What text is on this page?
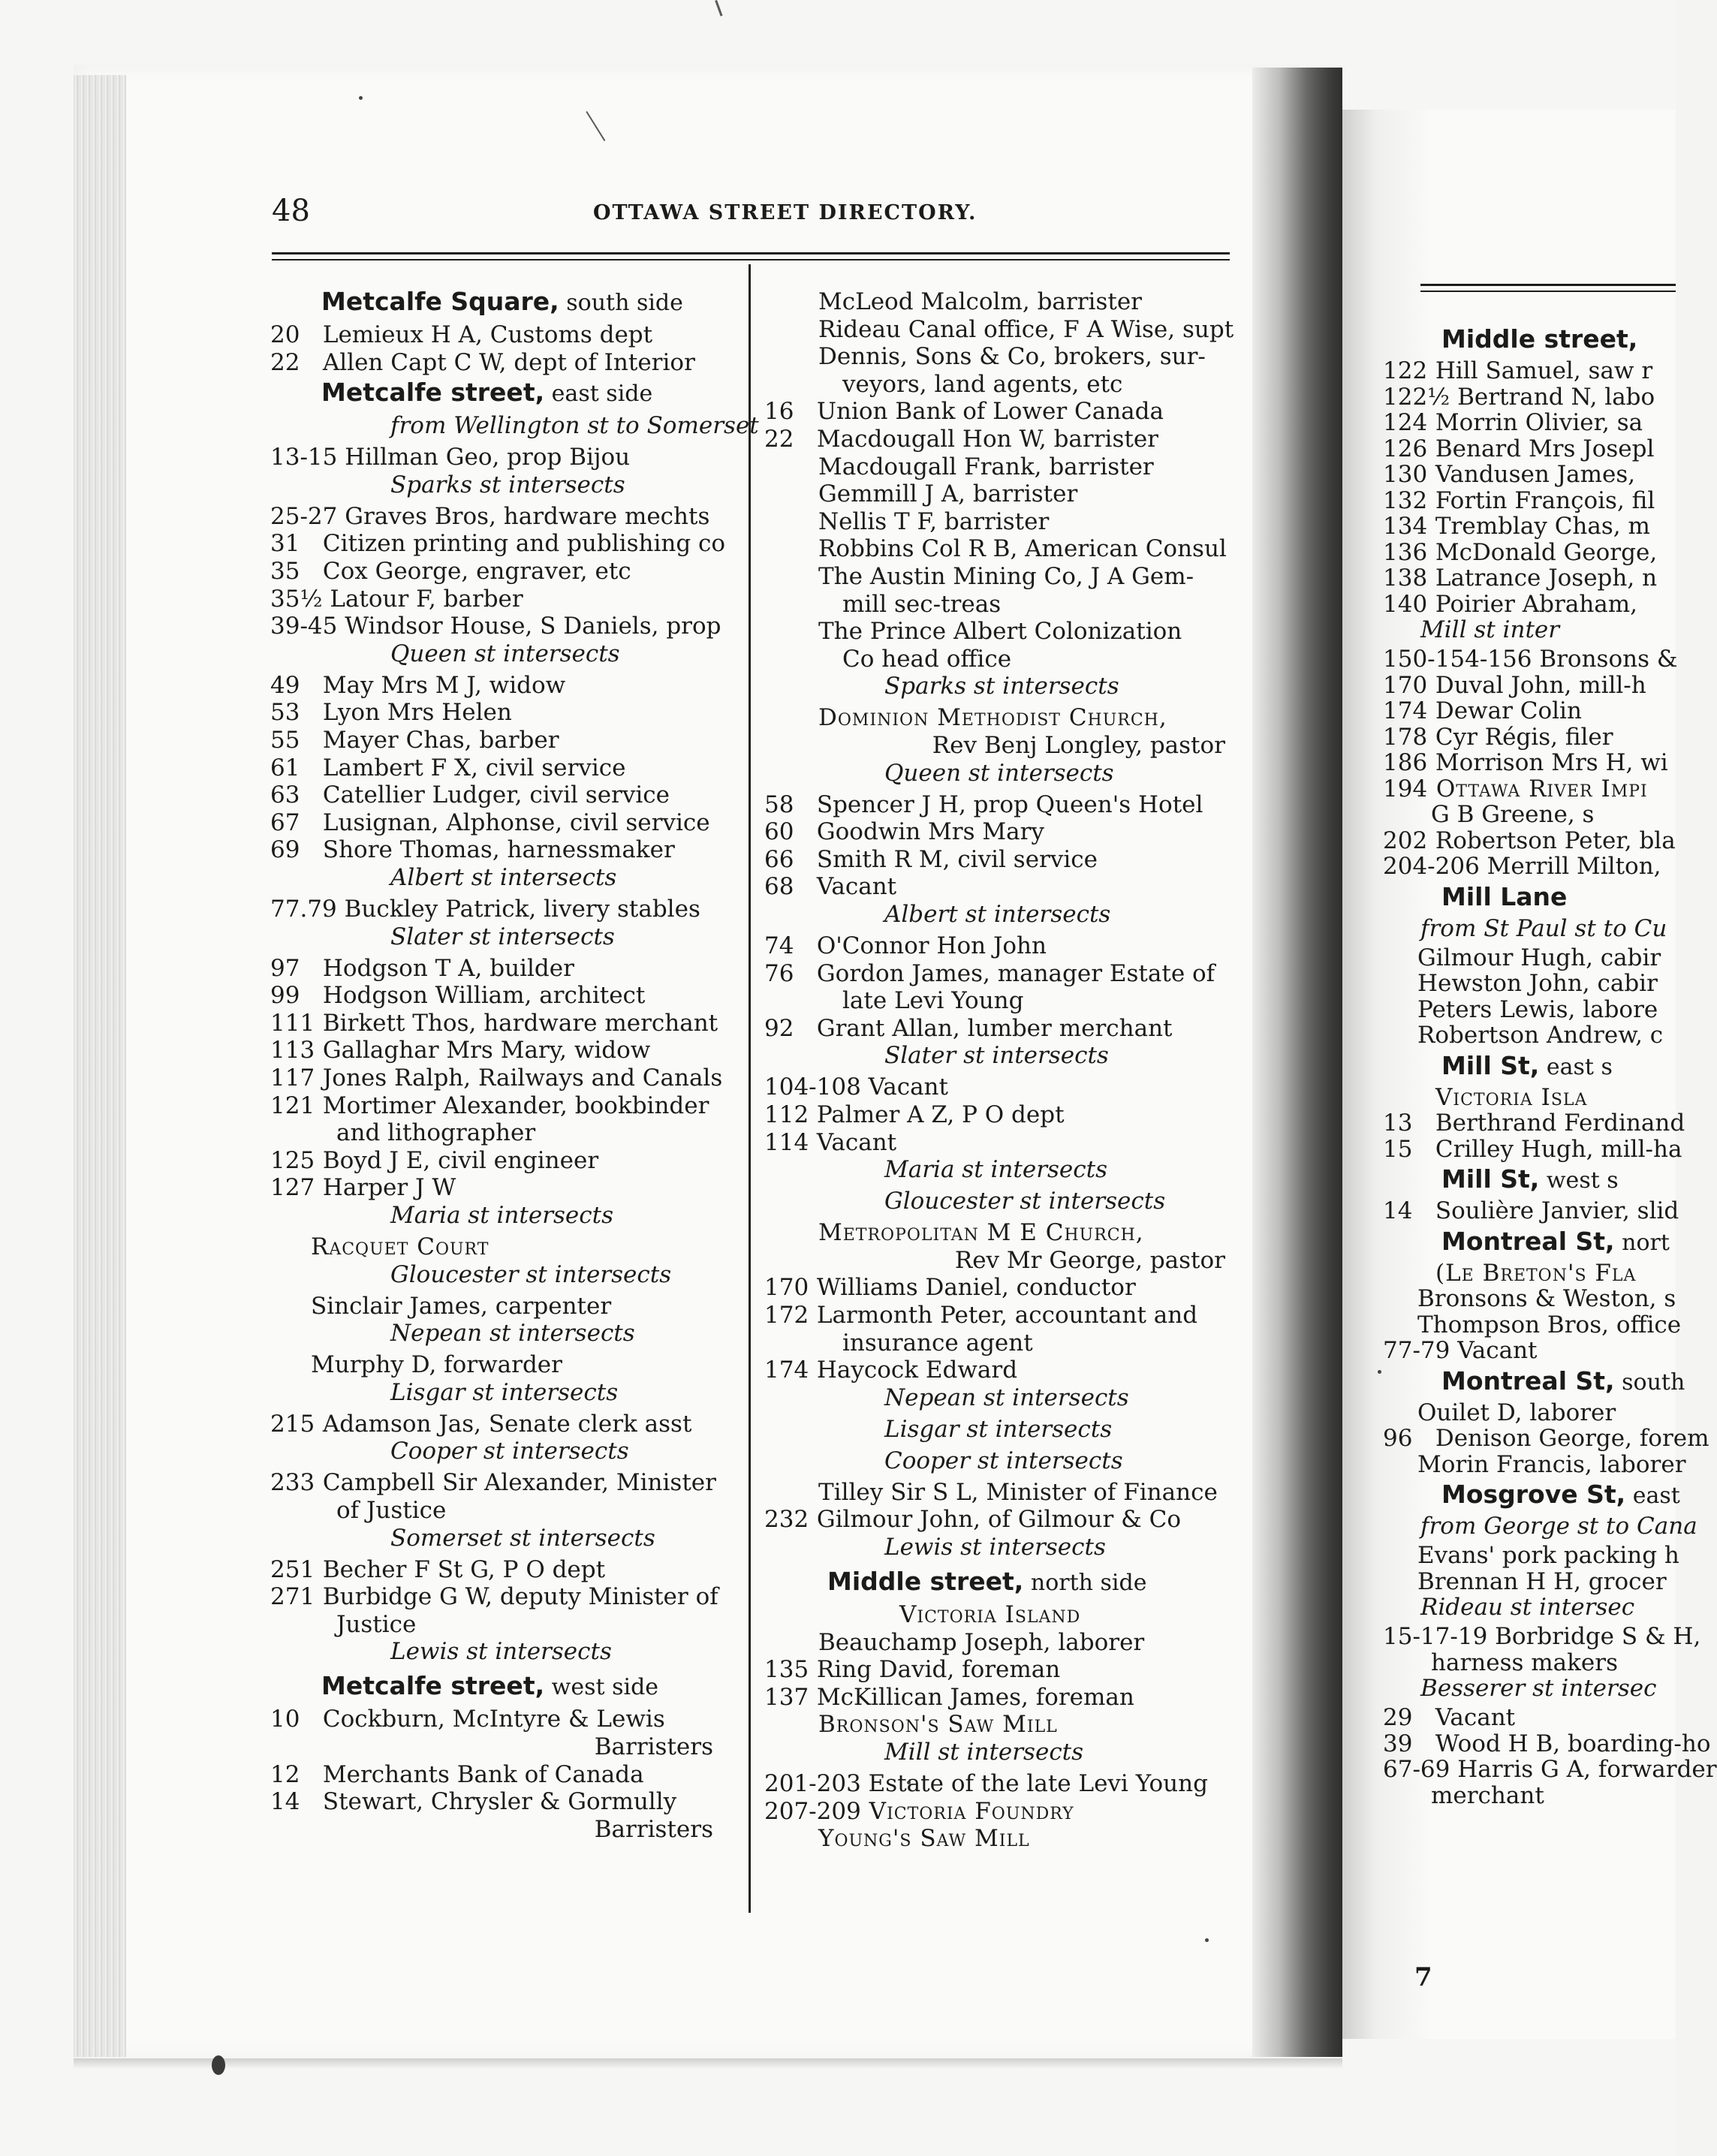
48	OTTAWA STREET DIRECTORY.
Metcalfe Square, south side
20 Lemieux H A, Customs dept
22 Allen Capt C W, dept of Interior
Metcalfe street, east side
from Wellington st to Somerset
13-15 Hillman Geo, prop Bijou
Sparks st intersects
25-27 Graves Bros, hardware mechts
31 Citizen printing and publishing co
35 Cox George, engraver, etc
35½ Latour F, barber
39-45 Windsor House, S Daniels, prop
Queen st intersects
49 May Mrs M J, widow
53 Lyon Mrs Helen
55 Mayer Chas, barber
61 Lambert F X, civil service
63 Catellier Ludger, civil service
67 Lusignan, Alphonse, civil service
69 Shore Thomas, harnessmaker
Albert st intersects
77.79 Buckley Patrick, livery stables
Slater st intersects
97 Hodgson T A, builder
99 Hodgson William, architect
111 Birkett Thos, hardware merchant
113 Gallaghar Mrs Mary, widow
117 Jones Ralph, Railways and Canals
121 Mortimer Alexander, bookbinder
and lithographer
125 Boyd J E, civil engineer
127 Harper J W
Maria st intersects
Racquet Court
Gloucester st intersects
Sinclair James, carpenter
Nepean st intersects
Murphy D, forwarder
Lisgar st intersects
215 Adamson Jas, Senate clerk asst
Cooper st intersects
233 Campbell Sir Alexander, Minister
of Justice
Somerset st intersects
251 Becher F St G, P O dept
271 Burbidge G W, deputy Minister of
Justice
Lewis st intersects
Metcalfe street, west side
10 Cockburn, McIntyre & Lewis
Barristers
12 Merchants Bank of Canada
14 Stewart, Chrysler & Gormully
Barristers
McLeod Malcolm, barrister
Rideau Canal office, F A Wise, supt
Dennis, Sons & Co, brokers, sur-
veyors, land agents, etc
16 Union Bank of Lower Canada
22 Macdougall Hon W, barrister
Macdougall Frank, barrister
Gemmill J A, barrister
Nellis T F, barrister
Robbins Col R B, American Consul
The Austin Mining Co, J A Gem-
mill sec-treas
The Prince Albert Colonization
Co head office
Sparks st intersects
Dominion Methodist Church,
Rev Benj Longley, pastor
Queen st intersects
58 Spencer J H, prop Queen's Hotel
60 Goodwin Mrs Mary
66 Smith R M, civil service
68 Vacant
Albert st intersects
74 O'Connor Hon John
76 Gordon James, manager Estate of
late Levi Young
92 Grant Allan, lumber merchant
Slater st intersects
104-108 Vacant
112 Palmer A Z, P O dept
114 Vacant
Maria st intersects
Gloucester st intersects
Metropolitan M E Church,
Rev Mr George, pastor
170 Williams Daniel, conductor
172 Larmonth Peter, accountant and
insurance agent
174 Haycock Edward
Nepean st intersects
Lisgar st intersects
Cooper st intersects
Tilley Sir S L, Minister of Finance
232 Gilmour John, of Gilmour & Co
Lewis st intersects
Middle street, north side
Victoria Island
Beauchamp Joseph, laborer
135 Ring David, foreman
137 McKillican James, foreman
Bronson's Saw Mill
Mill st intersects
201-203 Estate of the late Levi Young
207-209 Victoria Foundry
Young's Saw Mill
Middle street,
122 Hill Samuel, saw r
122½ Bertrand N, labo
124 Morrin Olivier, sa
126 Benard Mrs Josepl
130 Vandusen James,
132 Fortin François, fil
134 Tremblay Chas, m
136 McDonald George,
138 Latrance Joseph, n
140 Poirier Abraham,
Mill st inter
150-154-156 Bronsons &
170 Duval John, mill-h
174 Dewar Colin
178 Cyr Régis, filer
186 Morrison Mrs H, wi
194 Ottawa River Impi
G B Greene, s
202 Robertson Peter, bla
204-206 Merrill Milton,
Mill Lane
from St Paul st to Cu
Gilmour Hugh, cabir
Hewston John, cabir
Peters Lewis, labore
Robertson Andrew, c
Mill St, east s
Victoria Isla
13 Berthrand Ferdinand
15 Crilley Hugh, mill-ha
Mill St, west s
14 Soulière Janvier, slid
Montreal St, nort
(Le Breton's Fla
Bronsons & Weston, s
Thompson Bros, office
77-79 Vacant
Montreal St, south
Ouilet D, laborer
96 Denison George, forem
Morin Francis, laborer
Mosgrove St, east
from George st to Cana
Evans' pork packing h
Brennan H H, grocer
Rideau st intersec
15-17-19 Borbridge S & H,
harness makers
Besserer st intersec
29 Vacant
39 Wood H B, boarding-ho
67-69 Harris G A, forwarder
merchant
7
